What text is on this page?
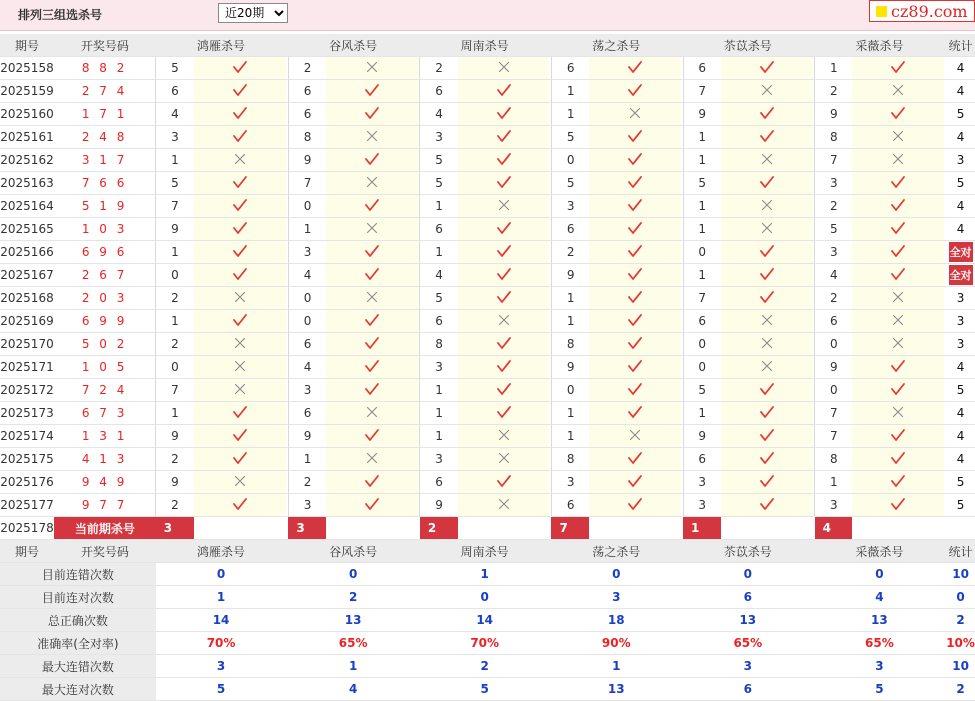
排列三组选杀号
近20期	cz89.com
期号	开奖号码	鸿雁杀号			谷风杀号			周南杀号			荡之杀号			苶苡杀号			采薇杀号			统计
2025158	8 8 2	5			2			2			6			6			1			4
2025159	2 7 4	6			6			6			1			7			2			4
2025160	1 7 1	4			6			4			1			9			9			5
2025161	2 4 8	3			8			3			5			1			8			4
2025162	3 1 7	1			9			5			0			1			7			3
2025163	7 6 6	5			7			5			5			5			3			5
2025164	5 1 9	7			0			1			3			1			2			4
2025165	1 0 3	9			1			6			6			1			5			4
2025166	6 9 6	1			3			1			2			0			3			全对
2025167	2 6 7	0			4			4			9			1			4			全对
2025168	2 0 3	2			0			5			1			7			2			3
2025169	6 9 9	1			0			6			1			6			6			3
2025170	5 0 2	2			6			8			8			0			0			3
2025171	1 0 5	0			4			3			9			0			9			4
2025172	7 2 4	7			3			1			0			5			0			5
2025173	6 7 3	1			6			1			1			1			7			4
2025174	1 3 1	9			9			1			1			9			7			4
2025175	4 1 3	2			1			3			8			6			8			4
2025176	9 4 9	9			2			6			3			3			1			5
2025177	9 7 7	2			3			9			6			3			3			5
2025178	当前期杀号	3			3			2			7			1			4			
期号	开奖号码	鸿雁杀号			谷风杀号			周南杀号			荡之杀号			苶苡杀号			采薇杀号			统计
目前连错次数		0			0			1			0			0			0			10
目前连对次数		1			2			0			3			6			4			0
总正确次数		14			13			14			18			13			13			2
准确率(全对率)		70%			65%			70%			90%			65%			65%			10%
最大连错次数		3			1			2			1			3			3			10
最大连对次数		5			4			5			13			6			5			2
